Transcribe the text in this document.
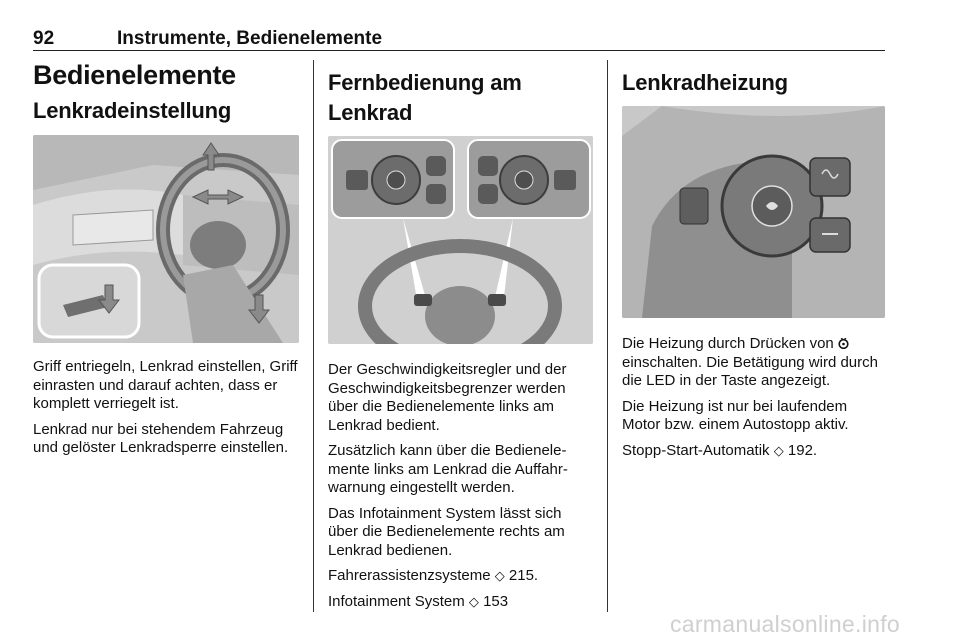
92	Instrumente, Bedienelemente
Bedienelemente
Lenkradeinstellung

Griff entriegeln, Lenkrad einstellen, Griff einrasten und darauf achten, dass er komplett verriegelt ist.

Lenkrad nur bei stehendem Fahrzeug und gelöster Lenkradsperre einstellen.

Fernbedienung am Lenkrad

Der Geschwindigkeitsregler und der Geschwindigkeitsbegrenzer werden über die Bedienelemente links am Lenkrad bedient.

Zusätzlich kann über die Bedienelemente links am Lenkrad die Auffahrwarnung eingestellt werden.

Das Infotainment System lässt sich über die Bedienelemente rechts am Lenkrad bedienen.

Fahrerassistenzsysteme ◇ 215.

Infotainment System ◇ 153

Lenkradheizung

Die Heizung durch Drücken von  einschalten. Die Betätigung wird durch die LED in der Taste angezeigt.

Die Heizung ist nur bei laufendem Motor bzw. einem Autostopp aktiv.

Stopp-Start-Automatik ◇ 192.

carmanualsonline.info
